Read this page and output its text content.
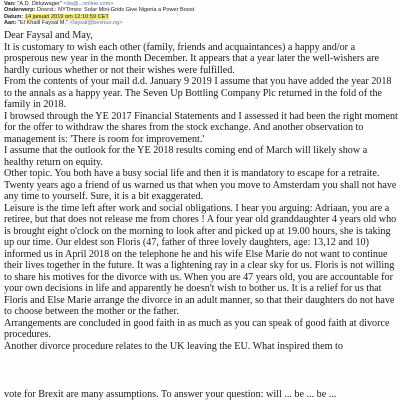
Van: "A.D. Dirkzwager" <da@...online.com>
Onderwerp: Doorst.: NYTimes: Solar Mini-Grids Give Nigeria a Power Boost
Datum: 14 januari 2019 om 12:10:59 CET
Aan: "El Khalil Faysal M." <faysal@bevnuo.ng>

Dear Faysal and May,

It is customary to wish each other (family, friends and acquaintances) a happy and/or a prosperous new year in the month December. It appears that a year later the well-wishers are hardly curious whether or not their wishes were fulfilled.

From the contents of your mail d.d. January 9 2019 I assume that you have added the year 2018 to the annals as a happy year. The Seven Up Bottling Company Plc returned in the fold of the family in 2018.

I browsed through the YE 2017 Financial Statements and I assessed it had been the right moment for the offer to withdraw the shares from the stock exchange. And another observation to management is: 'There is room for improvement.'

I assume that the outlook for the YE 2018 results coming end of March will likely show a healthy return on equity.

Other topic. You both have a busy social life and then it is mandatory to escape for a retraite. Twenty years ago a friend of us warned us that when you move to Amsterdam you shall not have any time to yourself. Sure, it is a bit exaggerated.

Leisure is the time left after work and social obligations. I hear you arguing: Adriaan, you are a retiree, but that does not release me from chores ! A four year old granddaughter 4 years old who is brought eight o'clock on the morning to look after and picked up at 19.00 hours, she is taking up our time. Our eldest son Floris (47, father of three lovely daughters, age: 13,12 and 10) informed us in April 2018 on the telephone he and his wife Else Marie do not want to continue their lives together in the future. It was a lightening ray in a clear sky for us. Floris is not willing to share his motives for the divorce with us. When you are 47 years old, you are accountable for your own decisions in life and apparently he doesn't wish to bother us. It is a relief for us that Floris and Else Marie arrange the divorce in an adult manner, so that their daughters do not have to choose between the mother or the father.

Arrangements are concluded in good faith in as much as you can speak of good faith at divorce procedures.

Another divorce procedure relates to the UK leaving the EU. What inspired them to

vote for Brexit are many assumptions. To answer your question: will ... be ... be ...
